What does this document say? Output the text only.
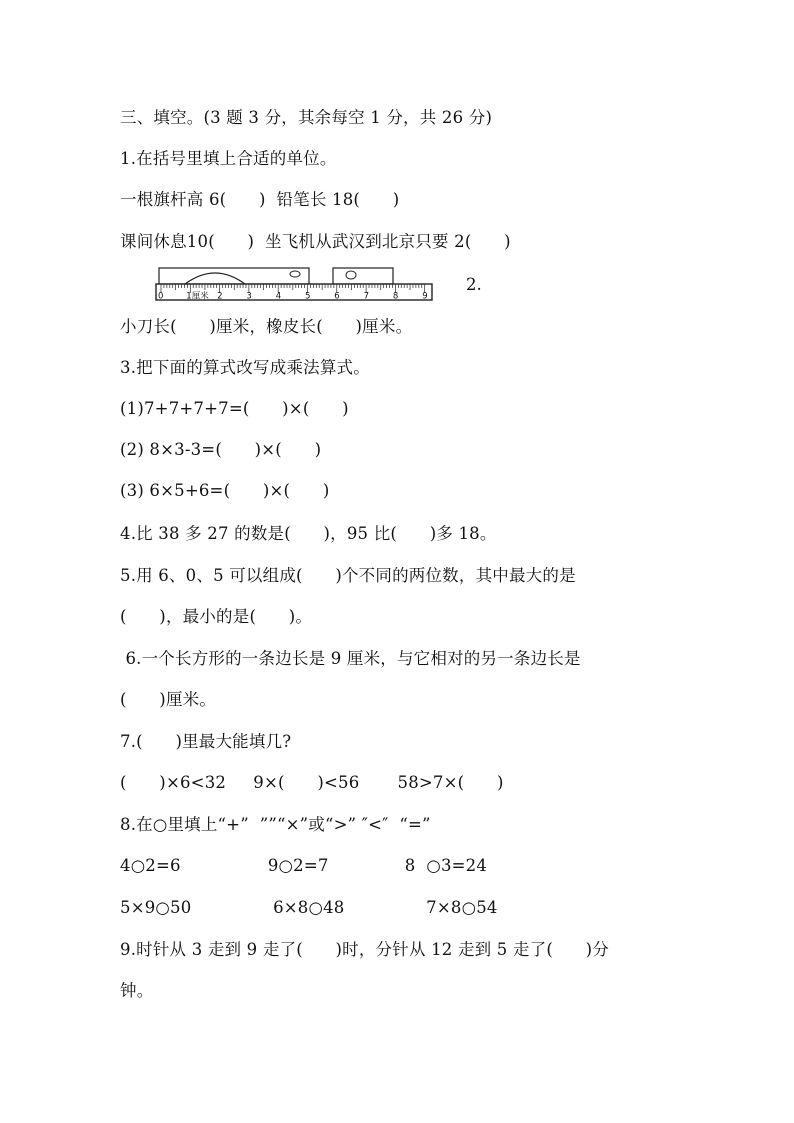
三、填空。(3 题 3 分，其余每空 1 分，共 26 分)
1.在括号里填上合适的单位。
一根旗杆高 6(      )  铅笔长 18(      )
课间休息10(      )  坐飞机从武汉到北京只要 2(      )
0	1厘米 2	3	4	5	6	7	8	9
2.
小刀长(      )厘米，橡皮长(      )厘米。
3.把下面的算式改写成乘法算式。
(1)7+7+7+7=(      )×(      )
(2) 8×3-3=(      )×(      )
(3) 6×5+6=(      )×(      )
4.比 38 多 27 的数是(      )，95 比(      )多 18。
5.用 6、0、5 可以组成(      )个不同的两位数，其中最大的是
(      )，最小的是(      )。
6.一个长方形的一条边长是 9 厘米，与它相对的另一条边长是
(      )厘米。
7.(      )里最大能填几?
(      )×6<32     9×(      )<56       58>7×(      )
8.在○里填上“+”  ””“×”或“>” ″<″  “=”
4○2=6                9○2=7              8  ○3=24
5×9○50               6×8○48               7×8○54
9.时针从 3 走到 9 走了(      )时，分针从 12 走到 5 走了(      )分
钟。
